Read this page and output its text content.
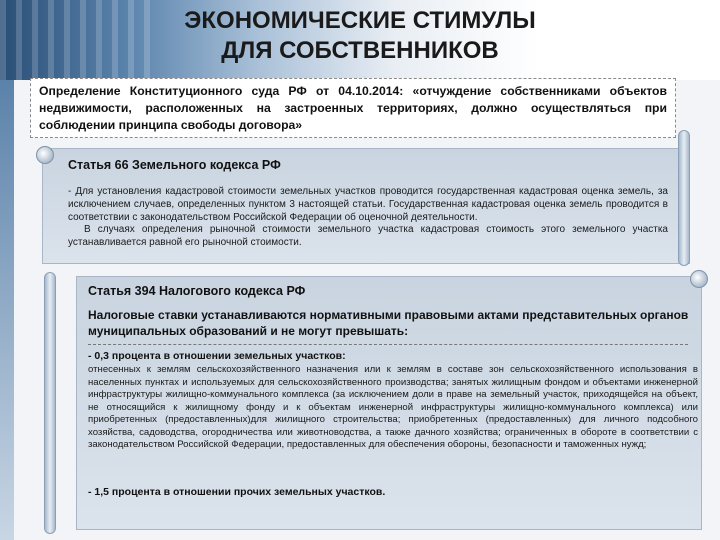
ЭКОНОМИЧЕСКИЕ СТИМУЛЫ
ДЛЯ СОБСТВЕННИКОВ
Определение Конституционного суда РФ от 04.10.2014: «отчуждение собственниками объектов недвижимости, расположенных на застроенных территориях, должно осуществляться при соблюдении принципа свободы договора»
Статья 66 Земельного кодекса РФ

- Для установления кадастровой стоимости земельных участков проводится государственная кадастровая оценка земель, за исключением случаев, определенных пунктом 3 настоящей статьи. Государственная кадастровая оценка земель проводится в соответствии с законодательством Российской Федерации об оценочной деятельности.

В случаях определения рыночной стоимости земельного участка кадастровая стоимость этого земельного участка устанавливается равной его рыночной стоимости.

Статья 394 Налогового кодекса РФ
Налоговые ставки устанавливаются нормативными правовыми актами представительных органов муниципальных образований и не могут превышать:
- 0,3 процента в отношении земельных участков:
отнесенных к землям сельскохозяйственного назначения или к землям в составе зон сельскохозяйственного использования в населенных пунктах и используемых для сельскохозяйственного производства; занятых жилищным фондом и объектами инженерной инфраструктуры жилищно-коммунального комплекса (за исключением доли в праве на земельный участок, приходящейся на объект, не относящийся к жилищному фонду и к объектам инженерной инфраструктуры жилищно-коммунального комплекса) или приобретенных (предоставленных)для жилищного строительства; приобретенных (предоставленных) для личного подсобного хозяйства, садоводства, огородничества или животноводства, а также дачного хозяйства; ограниченных в обороте в соответствии с законодательством Российской Федерации, предоставленных для обеспечения обороны, безопасности и таможенных нужд;
- 1,5 процента в отношении прочих земельных участков.
